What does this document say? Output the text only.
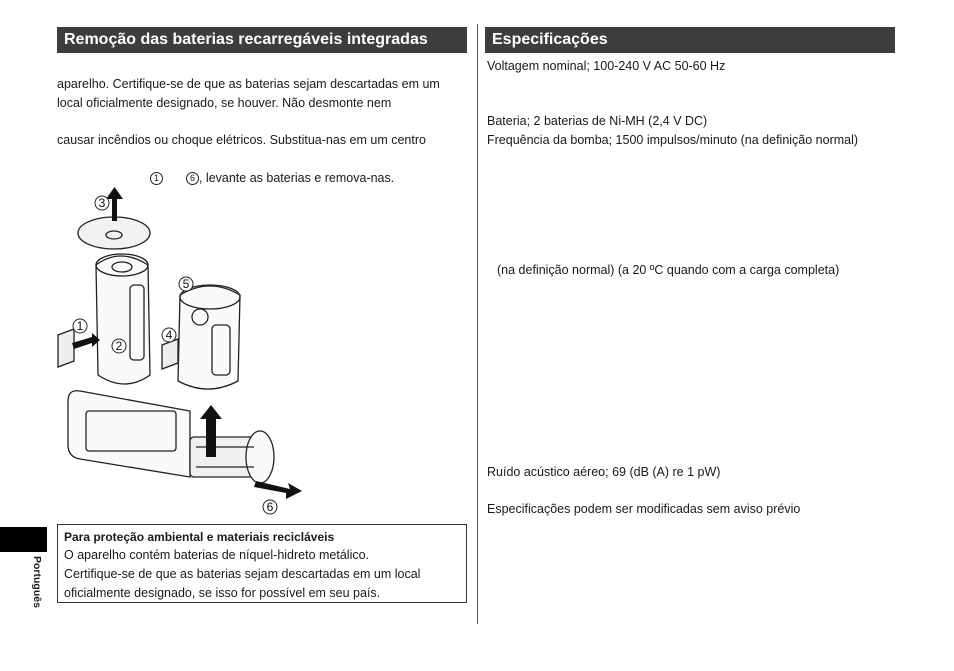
Remoção das baterias recarregáveis integradas
aparelho. Certifique-se de que as baterias sejam descartadas em um
local oficialmente designado, se houver. Não desmonte nem
causar incêndios ou choque elétricos. Substitua-nas em um centro
1	6 , levante as baterias e remova-nas.
3
5
1
4
2
6
Para proteção ambiental e materiais recicláveis
O aparelho contém baterias de níquel-hidreto metálico.
Certifique-se de que as baterias sejam descartadas em um local
oficialmente designado, se isso for possível em seu país.
Português
Especificações
Voltagem nominal; 100-240 V AC 50-60 Hz
Bateria; 2 baterias de Ni-MH (2,4 V DC)
Frequência da bomba; 1500 impulsos/minuto (na definição normal)
(na definição normal) (a 20 ºC quando com a carga completa)
Ruído acústico aéreo; 69 (dB (A) re 1 pW)
Especificações podem ser modificadas sem aviso prévio
